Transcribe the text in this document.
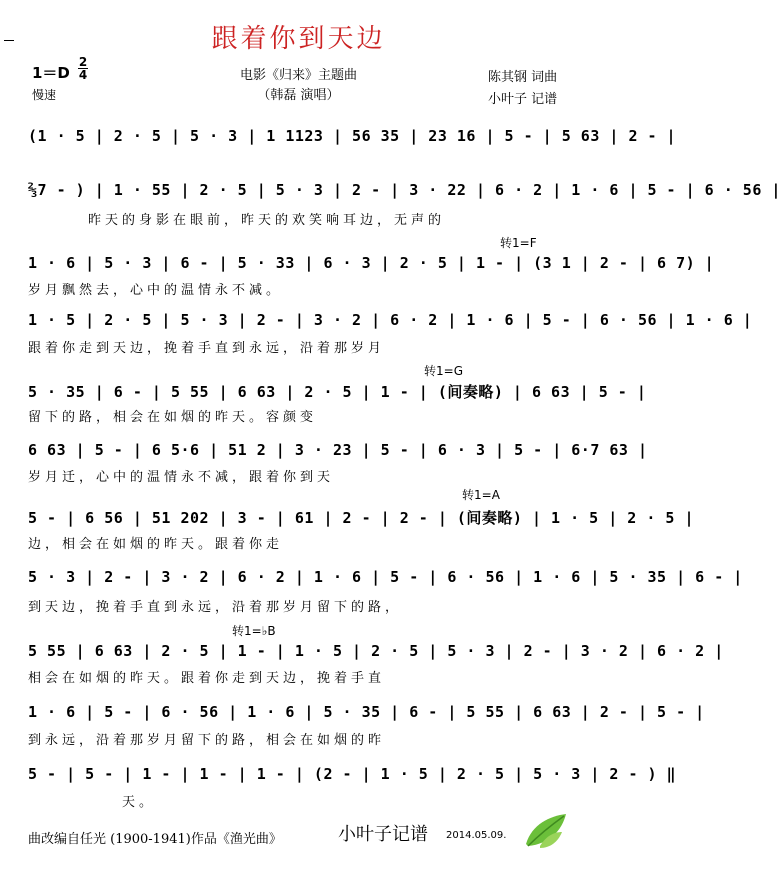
跟着你到天边
1＝D
2
4
慢速
电影《归来》主题曲
（韩磊 演唱）
陈其钢 词曲
小叶子 记谱
(1 · 5 | 2 · 5 | 5 · 3 | 1 1123 | 56 35 | 23 16 | 5 - | 5 63 | 2 - |
⅔7 - ) | 1 · 55 | 2 · 5 | 5 · 3 | 2 - | 3 · 22 | 6 · 2 | 1 · 6 | 5 - | 6 · 56 |
昨天的身影在眼前，昨天的欢笑响耳边，无声的
转1=F
1 · 6 | 5 · 3 | 6 - | 5 · 33 | 6 · 3 | 2 · 5 | 1 - | (3 1 | 2 - | 6 7) |
岁月飘然去，心中的温情永不减。
1 · 5 | 2 · 5 | 5 · 3 | 2 - | 3 · 2 | 6 · 2 | 1 · 6 | 5 - | 6 · 56 | 1 · 6 |
跟着你走到天边，挽着手直到永远，沿着那岁月
转1=G
5 · 35 | 6 - | 5 55 | 6 63 | 2 · 5 | 1 - | (间奏略) | 6 63 | 5 - |
留下的路，相会在如烟的昨天。容颜变
6 63 | 5 - | 6 5·6 | 51 2 | 3 · 23 | 5 - | 6 · 3 | 5 - | 6·7 63 |
岁月迁，心中的温情永不减，跟着你到天
转1=A
5 - | 6 56 | 51 202 | 3 - | 61 | 2 - | 2 - | (间奏略) | 1 · 5 | 2 · 5 |
边，相会在如烟的昨天。跟着你走
5 · 3 | 2 - | 3 · 2 | 6 · 2 | 1 · 6 | 5 - | 6 · 56 | 1 · 6 | 5 · 35 | 6 - |
到天边，挽着手直到永远，沿着那岁月留下的路，
转1=♭B
5 55 | 6 63 | 2 · 5 | 1 - | 1 · 5 | 2 · 5 | 5 · 3 | 2 - | 3 · 2 | 6 · 2 |
相会在如烟的昨天。跟着你走到天边，挽着手直
1 · 6 | 5 - | 6 · 56 | 1 · 6 | 5 · 35 | 6 - | 5 55 | 6 63 | 2 - | 5 - |
到永远，沿着那岁月留下的路，相会在如烟的昨
5 - | 5 - | 1 - | 1 - | 1 - | (2 - | 1 · 5 | 2 · 5 | 5 · 3 | 2 - ) ‖
天。
曲改编自任光 (1900-1941)作品《渔光曲》	小叶子记谱 2014.05.09.
